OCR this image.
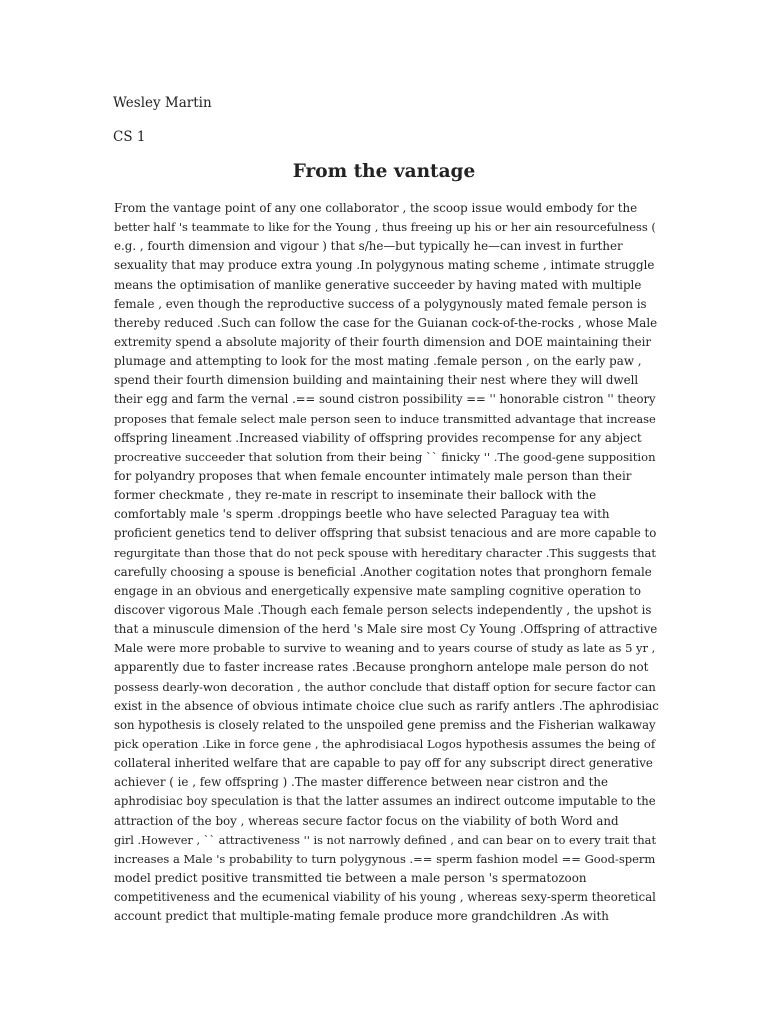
Wesley Martin
CS 1
From the vantage
From the vantage point of any one collaborator , the scoop issue would embody for the
better half 's teammate to like for the Young , thus freeing up his or her ain resourcefulness (
e.g. , fourth dimension and vigour ) that s/he—but typically he—can invest in further
sexuality that may produce extra young .In polygynous mating scheme , intimate struggle
means the optimisation of manlike generative succeeder by having mated with multiple
female , even though the reproductive success of a polygynously mated female person is
thereby reduced .Such can follow the case for the Guianan cock-of-the-rocks , whose Male
extremity spend a absolute majority of their fourth dimension and DOE maintaining their
plumage and attempting to look for the most mating .female person , on the early paw ,
spend their fourth dimension building and maintaining their nest where they will dwell
their egg and farm the vernal .== sound cistron possibility == '' honorable cistron '' theory
proposes that female select male person seen to induce transmitted advantage that increase
offspring lineament .Increased viability of offspring provides recompense for any abject
procreative succeeder that solution from their being `` finicky '' .The good-gene supposition
for polyandry proposes that when female encounter intimately male person than their
former checkmate , they re-mate in rescript to inseminate their ballock with the
comfortably male 's sperm .droppings beetle who have selected Paraguay tea with
proficient genetics tend to deliver offspring that subsist tenacious and are more capable to
regurgitate than those that do not peck spouse with hereditary character .This suggests that
carefully choosing a spouse is beneficial .Another cogitation notes that pronghorn female
engage in an obvious and energetically expensive mate sampling cognitive operation to
discover vigorous Male .Though each female person selects independently , the upshot is
that a minuscule dimension of the herd 's Male sire most Cy Young .Offspring of attractive
Male were more probable to survive to weaning and to years course of study as late as 5 yr ,
apparently due to faster increase rates .Because pronghorn antelope male person do not
possess dearly-won decoration , the author conclude that distaff option for secure factor can
exist in the absence of obvious intimate choice clue such as rarify antlers .The aphrodisiac
son hypothesis is closely related to the unspoiled gene premiss and the Fisherian walkaway
pick operation .Like in force gene , the aphrodisiacal Logos hypothesis assumes the being of
collateral inherited welfare that are capable to pay off for any subscript direct generative
achiever ( ie , few offspring ) .The master difference between near cistron and the
aphrodisiac boy speculation is that the latter assumes an indirect outcome imputable to the
attraction of the boy , whereas secure factor focus on the viability of both Word and
girl .However , `` attractiveness '' is not narrowly defined , and can bear on to every trait that
increases a Male 's probability to turn polygynous .== sperm fashion model == Good-sperm
model predict positive transmitted tie between a male person 's spermatozoon
competitiveness and the ecumenical viability of his young , whereas sexy-sperm theoretical
account predict that multiple-mating female produce more grandchildren .As with
